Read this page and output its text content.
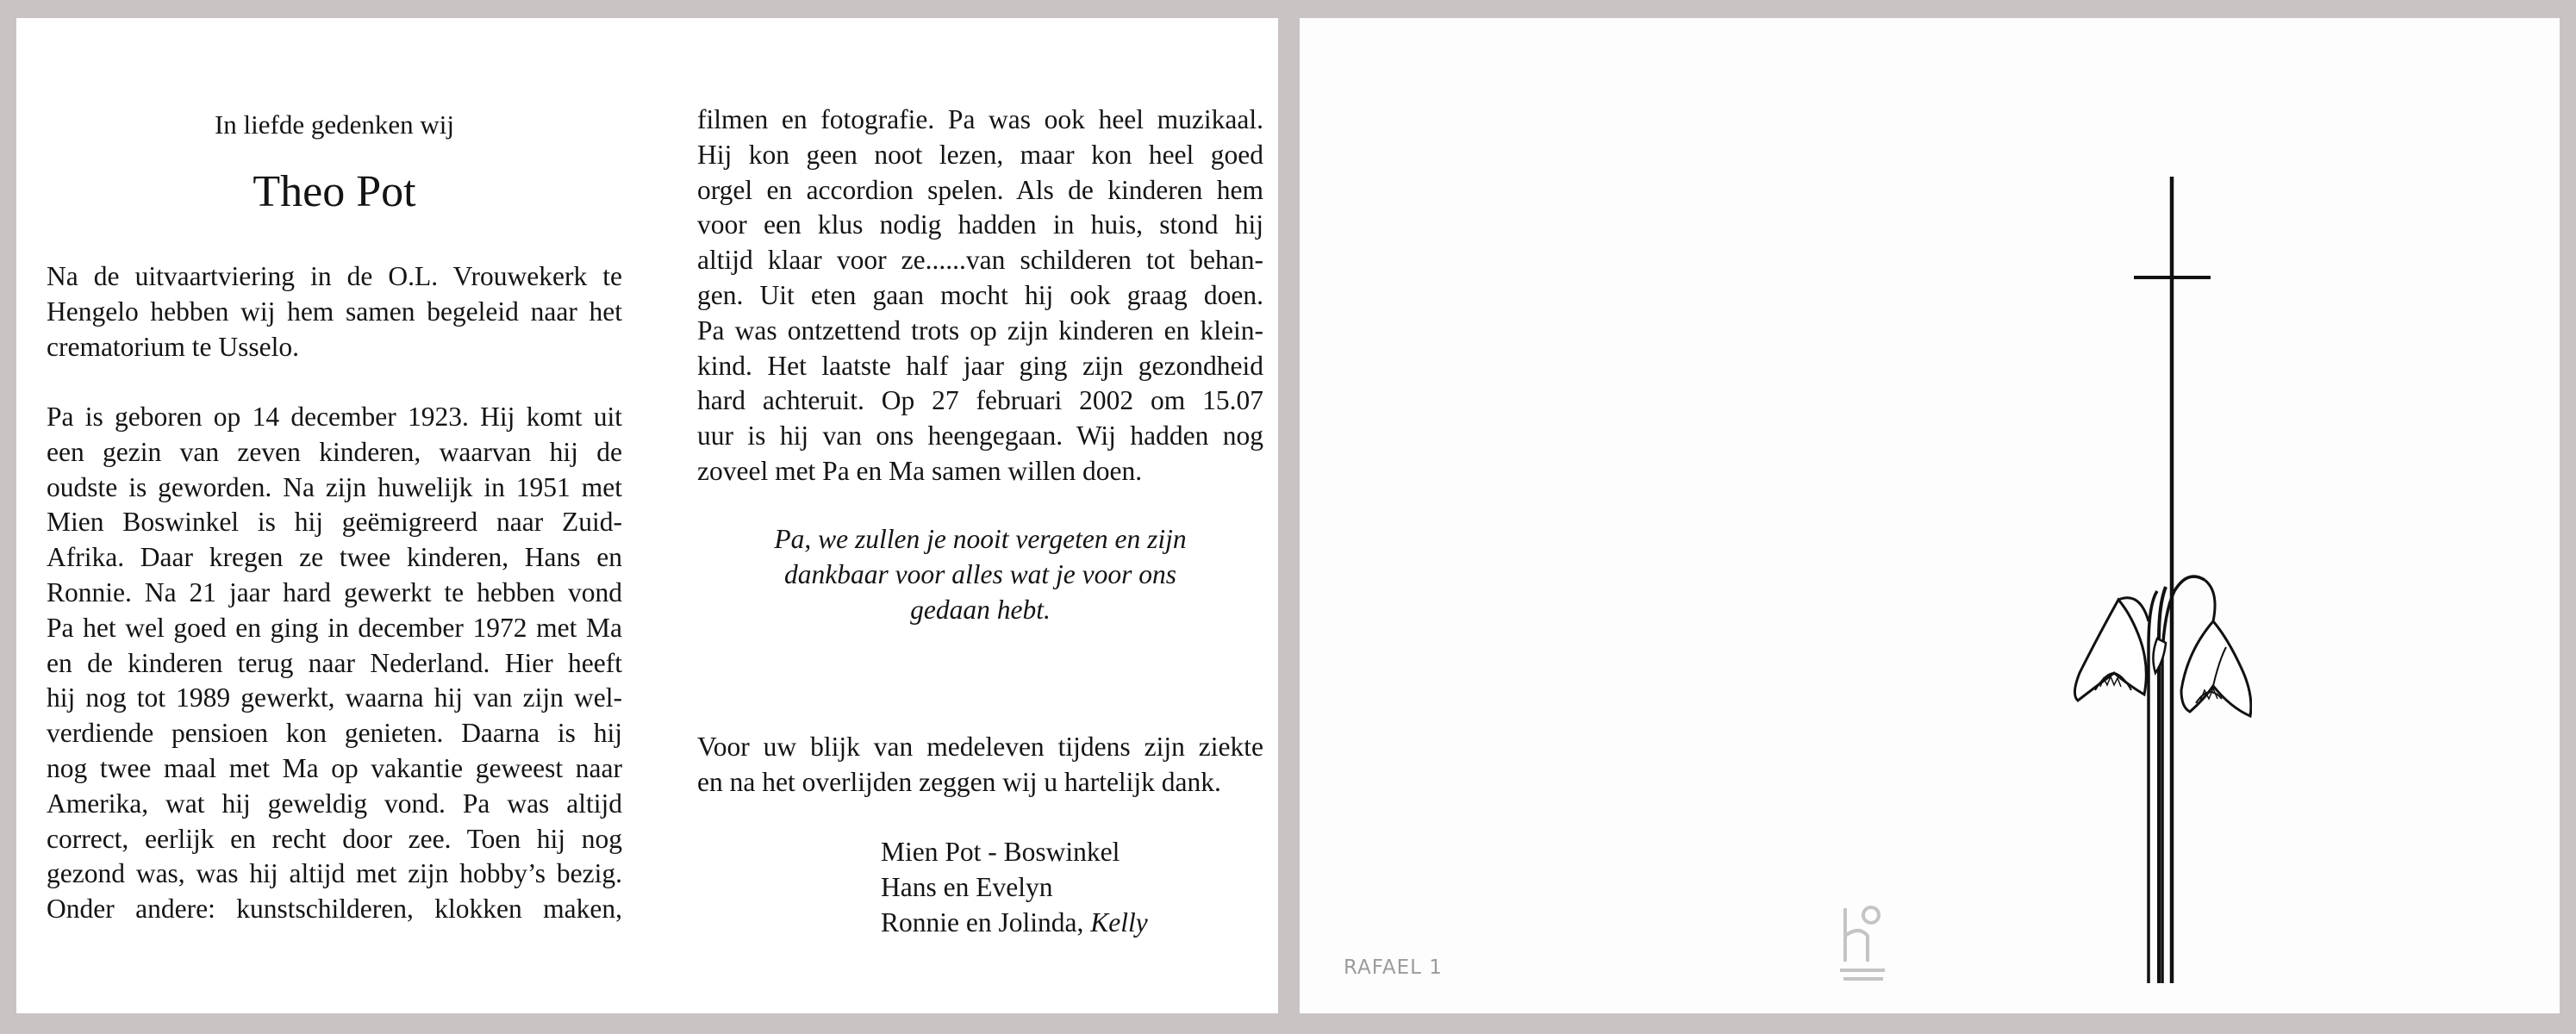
In liefde gedenken wij
Theo Pot

Na de uitvaartviering in de O.L. Vrouwekerk te
Hengelo hebben wij hem samen begeleid naar het
crematorium te Usselo.

Pa is geboren op 14 december 1923. Hij komt uit
een gezin van zeven kinderen, waarvan hij de
oudste is geworden. Na zijn huwelijk in 1951 met
Mien Boswinkel is hij geëmigreerd naar Zuid-
Afrika. Daar kregen ze twee kinderen, Hans en
Ronnie. Na 21 jaar hard gewerkt te hebben vond
Pa het wel goed en ging in december 1972 met Ma
en de kinderen terug naar Nederland. Hier heeft
hij nog tot 1989 gewerkt, waarna hij van zijn wel-
verdiende pensioen kon genieten. Daarna is hij
nog twee maal met Ma op vakantie geweest naar
Amerika, wat hij geweldig vond. Pa was altijd
correct, eerlijk en recht door zee. Toen hij nog
gezond was, was hij altijd met zijn hobby’s bezig.
Onder andere: kunstschilderen, klokken maken,

filmen en fotografie. Pa was ook heel muzikaal.
Hij kon geen noot lezen, maar kon heel goed
orgel en accordion spelen. Als de kinderen hem
voor een klus nodig hadden in huis, stond hij
altijd klaar voor ze......van schilderen tot behan-
gen. Uit eten gaan mocht hij ook graag doen.
Pa was ontzettend trots op zijn kinderen en klein-
kind. Het laatste half jaar ging zijn gezondheid
hard achteruit. Op 27 februari 2002 om 15.07
uur is hij van ons heengegaan. Wij hadden nog
zoveel met Pa en Ma samen willen doen.

Pa, we zullen je nooit vergeten en zijn
dankbaar voor alles wat je voor ons
gedaan hebt.

Voor uw blijk van medeleven tijdens zijn ziekte
en na het overlijden zeggen wij u hartelijk dank.

Mien Pot - Boswinkel
Hans en Evelyn
Ronnie en Jolinda, Kelly
RAFAEL 1
